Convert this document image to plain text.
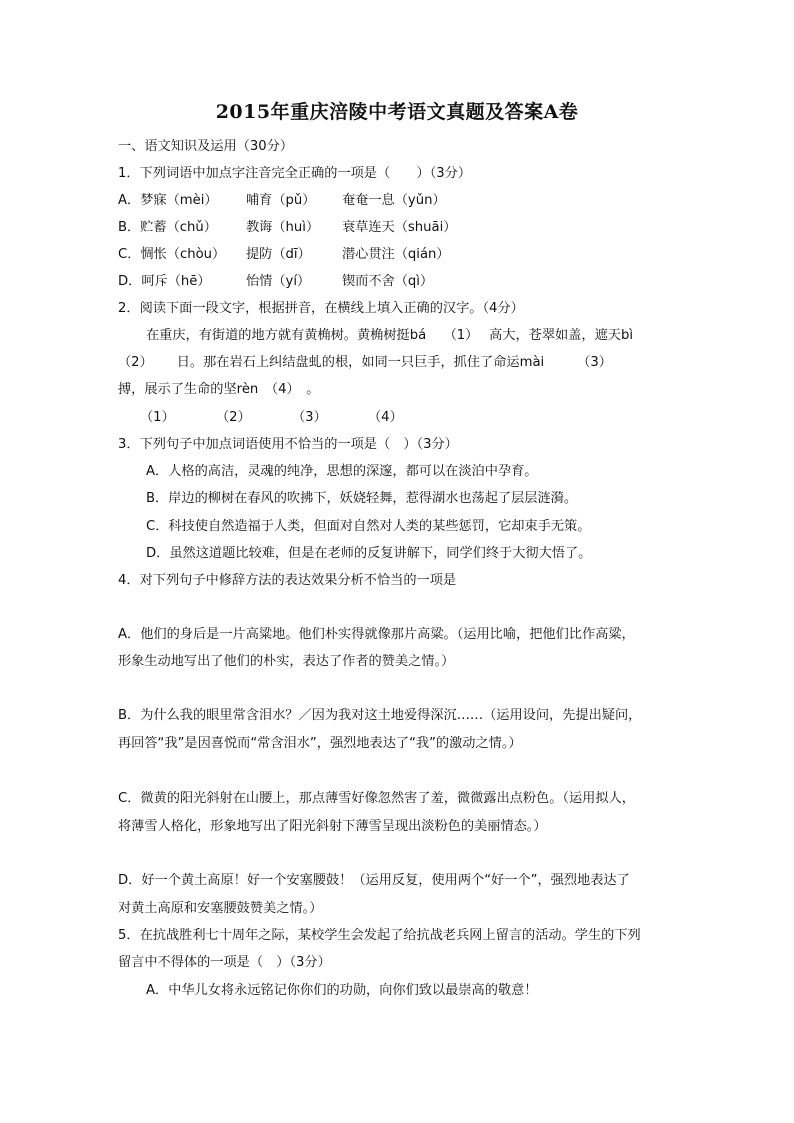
2015年重庆涪陵中考语文真题及答案A卷
一、语文知识及运用（30分）
1．下列词语中加点字注音完全正确的一项是（　　）（3分）
A．梦寐（mèi） 哺育（pǔ） 奄奄一息（yǔn）
B．贮蓄（chǔ） 教诲（huì） 衰草连天（shuāi）
C．惆怅（chòu） 提防（dī） 潜心贯注（qián）
D．呵斥（hē）	怡情（yí） 锲而不舍（qì）
2．阅读下面一段文字，根据拼音，在横线上填入正确的汉字。（4分）
在重庆，有街道的地方就有黄桷树。黄桷树挺bá　 （1）　 高大，苍翠如盖，遮天bì
（2）　　 日。那在岩石上纠结盘虬的根，如同一只巨手，抓住了命运mài　　　（3）
搏，展示了生命的坚rèn　（4）　。
（1）	（2）	（3）	（4）
3．下列句子中加点词语使用不恰当的一项是（　）（3分）
A．人格的高洁，灵魂的纯净，思想的深邃，都可以在淡泊中孕育。
B．岸边的柳树在春风的吹拂下，妖娆轻舞，惹得湖水也荡起了层层涟漪。
C．科技使自然造福于人类，但面对自然对人类的某些惩罚，它却束手无策。
D．虽然这道题比较难，但是在老师的反复讲解下，同学们终于大彻大悟了。
4．对下列句子中修辞方法的表达效果分析不恰当的一项是
A．他们的身后是一片高粱地。他们朴实得就像那片高粱。（运用比喻，把他们比作高粱，
形象生动地写出了他们的朴实，表达了作者的赞美之情。）
B．为什么我的眼里常含泪水？／因为我对这土地爱得深沉……（运用设问，先提出疑问，
再回答“我”是因喜悦而“常含泪水”，强烈地表达了“我”的激动之情。）
C．微黄的阳光斜射在山腰上，那点薄雪好像忽然害了羞，微微露出点粉色。（运用拟人，
将薄雪人格化，形象地写出了阳光斜射下薄雪呈现出淡粉色的美丽情态。）
D．好一个黄土高原！好一个安塞腰鼓！（运用反复，使用两个“好一个”，强烈地表达了
对黄土高原和安塞腰鼓赞美之情。）
5．在抗战胜利七十周年之际，某校学生会发起了给抗战老兵网上留言的活动。学生的下列
留言中不得体的一项是（　）（3分）
A．中华儿女将永远铭记你你们的功勋，向你们致以最崇高的敬意！
